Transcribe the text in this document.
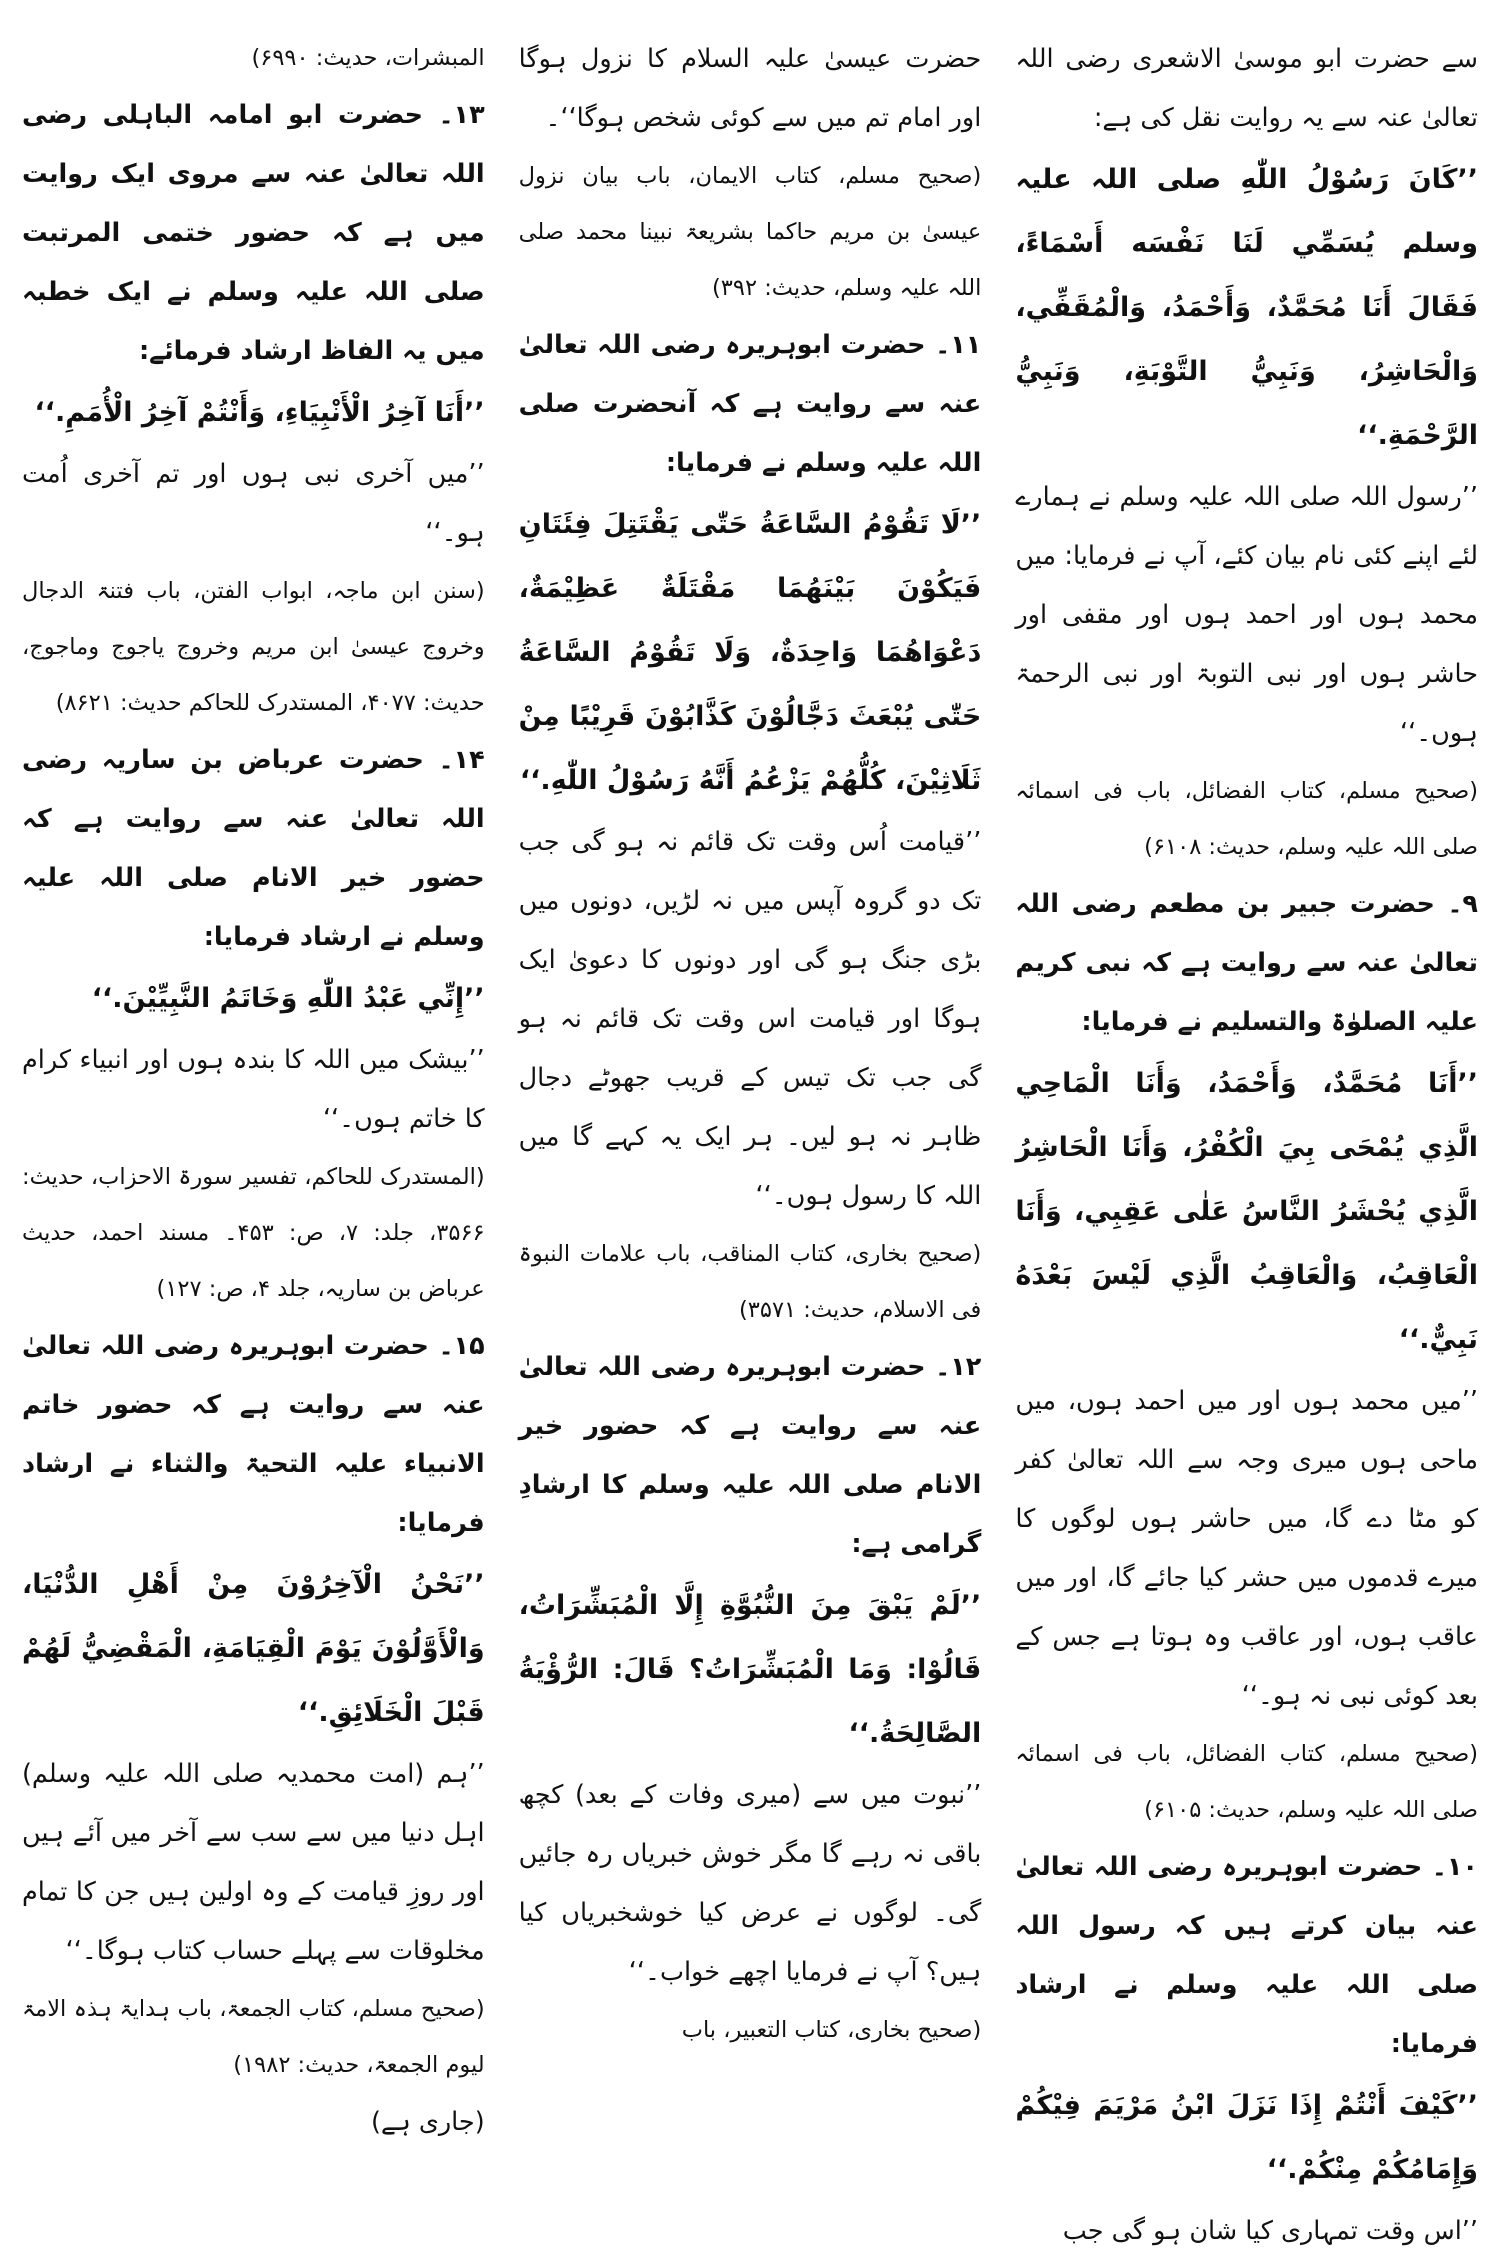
سے حضرت ابو موسیٰ الاشعری رضی اللہ تعالیٰ عنہ سے یہ روایت نقل کی ہے:

’’كَانَ رَسُوْلُ اللّٰهِ صلی اللہ علیہ وسلم يُسَمِّي لَنَا نَفْسَه أَسْمَاءً، فَقَالَ أَنَا مُحَمَّدٌ، وَأَحْمَدُ، وَالْمُقَفِّي، وَالْحَاشِرُ، وَنَبِيُّ التَّوْبَةِ، وَنَبِيُّ الرَّحْمَةِ.‘‘

’’رسول اللہ صلی اللہ علیہ وسلم نے ہمارے لئے اپنے کئی نام بیان کئے، آپ نے فرمایا: میں محمد ہوں اور احمد ہوں اور مقفی اور حاشر ہوں اور نبی التوبۃ اور نبی الرحمۃ ہوں۔‘‘

(صحیح مسلم، کتاب الفضائل، باب فی اسمائہ صلی اللہ علیہ وسلم، حدیث: ۶۱۰۸)

۹۔ حضرت جبیر بن مطعم رضی اللہ تعالیٰ عنہ سے روایت ہے کہ نبی کریم علیہ الصلوٰۃ والتسلیم نے فرمایا:

’’أَنَا مُحَمَّدٌ، وَأَحْمَدُ، وَأَنَا الْمَاحِي الَّذِي يُمْحَى بِيَ الْكُفْرُ، وَأَنَا الْحَاشِرُ الَّذِي يُحْشَرُ النَّاسُ عَلٰى عَقِبِي، وَأَنَا الْعَاقِبُ، وَالْعَاقِبُ الَّذِي لَيْسَ بَعْدَهُ نَبِيٌّ.‘‘

’’میں محمد ہوں اور میں احمد ہوں، میں ماحی ہوں میری وجہ سے اللہ تعالیٰ کفر کو مٹا دے گا، میں حاشر ہوں لوگوں کا میرے قدموں میں حشر کیا جائے گا، اور میں عاقب ہوں، اور عاقب وہ ہوتا ہے جس کے بعد کوئی نبی نہ ہو۔‘‘

(صحیح مسلم، کتاب الفضائل، باب فی اسمائہ صلی اللہ علیہ وسلم، حدیث: ۶۱۰۵)

۱۰۔ حضرت ابوہریرہ رضی اللہ تعالیٰ عنہ بیان کرتے ہیں کہ رسول اللہ صلی اللہ علیہ وسلم نے ارشاد فرمایا:

’’كَيْفَ أَنْتُمْ إِذَا نَزَلَ ابْنُ مَرْيَمَ فِيْكُمْ وَإِمَامُكُمْ مِنْكُمْ.‘‘

’’اس وقت تمہاری کیا شان ہو گی جب

حضرت عیسیٰ علیہ السلام کا نزول ہوگا اور امام تم میں سے کوئی شخص ہوگا‘‘۔

(صحیح مسلم، کتاب الایمان، باب بیان نزول عیسیٰ بن مریم حاکما بشریعۃ نبینا محمد صلی اللہ علیہ وسلم، حدیث: ۳۹۲)

۱۱۔ حضرت ابوہریرہ رضی اللہ تعالیٰ عنہ سے روایت ہے کہ آنحضرت صلی اللہ علیہ وسلم نے فرمایا:

’’لَا تَقُوْمُ السَّاعَةُ حَتّٰى يَقْتَتِلَ فِئَتَانِ فَيَكُوْنَ بَيْنَهُمَا مَقْتَلَةٌ عَظِيْمَةٌ، دَعْوَاهُمَا وَاحِدَةٌ، وَلَا تَقُوْمُ السَّاعَةُ حَتّٰى يُبْعَثَ دَجَّالُوْنَ كَذَّابُوْنَ قَرِيْبًا مِنْ ثَلَاثِيْنَ، كُلُّهُمْ يَزْعُمُ أَنَّهُ رَسُوْلُ اللّٰهِ.‘‘

’’قیامت اُس وقت تک قائم نہ ہو گی جب تک دو گروہ آپس میں نہ لڑیں، دونوں میں بڑی جنگ ہو گی اور دونوں کا دعویٰ ایک ہوگا اور قیامت اس وقت تک قائم نہ ہو گی جب تک تیس کے قریب جھوٹے دجال ظاہر نہ ہو لیں۔ ہر ایک یہ کہے گا میں اللہ کا رسول ہوں۔‘‘

(صحیح بخاری، کتاب المناقب، باب علامات النبوۃ فی الاسلام، حدیث: ۳۵۷۱)

۱۲۔ حضرت ابوہریرہ رضی اللہ تعالیٰ عنہ سے روایت ہے کہ حضور خیر الانام صلی اللہ علیہ وسلم کا ارشادِ گرامی ہے:

’’لَمْ يَبْقَ مِنَ النُّبُوَّةِ إِلَّا الْمُبَشِّرَاتُ، قَالُوْا: وَمَا الْمُبَشِّرَاتُ؟ قَالَ: الرُّؤْيَةُ الصَّالِحَةُ.‘‘

’’نبوت میں سے (میری وفات کے بعد) کچھ باقی نہ رہے گا مگر خوش خبریاں رہ جائیں گی۔ لوگوں نے عرض کیا خوشخبریاں کیا ہیں؟ آپ نے فرمایا اچھے خواب۔‘‘

(صحیح بخاری، کتاب التعبیر، باب

المبشرات، حدیث: ۶۹۹۰)

۱۳۔ حضرت ابو امامہ الباہلی رضی اللہ تعالیٰ عنہ سے مروی ایک روایت میں ہے کہ حضور ختمی المرتبت صلی اللہ علیہ وسلم نے ایک خطبہ میں یہ الفاظ ارشاد فرمائے:

’’أَنَا آخِرُ الْأَنْبِيَاءِ، وَأَنْتُمْ آخِرُ الْأُمَمِ.‘‘

’’میں آخری نبی ہوں اور تم آخری اُمت ہو۔‘‘

(سنن ابن ماجہ، ابواب الفتن، باب فتنۃ الدجال وخروج عیسیٰ ابن مریم وخروج یاجوج وماجوج، حدیث: ۴۰۷۷، المستدرک للحاکم حدیث: ۸۶۲۱)

۱۴۔ حضرت عرباض بن ساریہ رضی اللہ تعالیٰ عنہ سے روایت ہے کہ حضور خیر الانام صلی اللہ علیہ وسلم نے ارشاد فرمایا:

’’إِنِّي عَبْدُ اللّٰهِ وَخَاتَمُ النَّبِيِّيْنَ.‘‘

’’بیشک میں اللہ کا بندہ ہوں اور انبیاء کرام کا خاتم ہوں۔‘‘

(المستدرک للحاکم، تفسیر سورۃ الاحزاب، حدیث: ۳۵۶۶، جلد: ۷، ص: ۴۵۳۔ مسند احمد، حدیث عرباض بن ساریہ، جلد ۴، ص: ۱۲۷)

۱۵۔ حضرت ابوہریرہ رضی اللہ تعالیٰ عنہ سے روایت ہے کہ حضور خاتم الانبیاء علیہ التحیۃ والثناء نے ارشاد فرمایا:

’’نَحْنُ الْآخِرُوْنَ مِنْ أَهْلِ الدُّنْيَا، وَالْأَوَّلُوْنَ يَوْمَ الْقِيَامَةِ، الْمَقْضِيُّ لَهُمْ قَبْلَ الْخَلَائِقِ.‘‘

’’ہم (امت محمدیہ صلی اللہ علیہ وسلم) اہل دنیا میں سے سب سے آخر میں آئے ہیں اور روزِ قیامت کے وہ اولین ہیں جن کا تمام مخلوقات سے پہلے حساب کتاب ہوگا۔‘‘

(صحیح مسلم، کتاب الجمعۃ، باب ہدایۃ ہذہ الامۃ لیوم الجمعۃ، حدیث: ۱۹۸۲)

(جاری ہے)
